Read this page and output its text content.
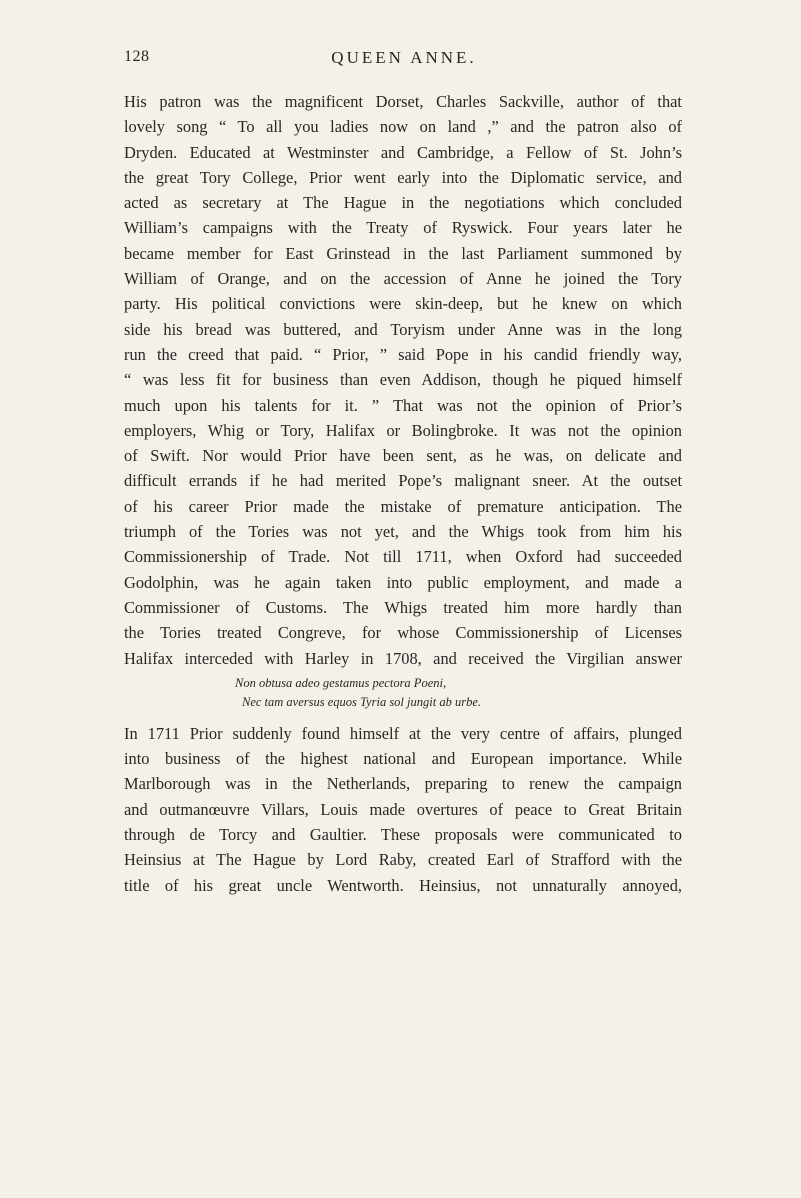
128	QUEEN ANNE.
His patron was the magnificent Dorset, Charles Sackville, author of that
lovely song “ To all you ladies now on land ,” and the patron also of
Dryden. Educated at Westminster and Cambridge, a Fellow of St. John’s
the great Tory College, Prior went early into the Diplomatic service, and
acted as secretary at The Hague in the negotiations which concluded
William’s campaigns with the Treaty of Ryswick. Four years later he
became member for East Grinstead in the last Parliament summoned by
William of Orange, and on the accession of Anne he joined the Tory
party. His political convictions were skin-deep, but he knew on which
side his bread was buttered, and Toryism under Anne was in the long
run the creed that paid. “ Prior, ” said Pope in his candid friendly way,
“ was less fit for business than even Addison, though he piqued himself
much upon his talents for it. ” That was not the opinion of Prior’s
employers, Whig or Tory, Halifax or Bolingbroke. It was not the opinion
of Swift. Nor would Prior have been sent, as he was, on delicate and
difficult errands if he had merited Pope’s malignant sneer. At the outset
of his career Prior made the mistake of premature anticipation. The
triumph of the Tories was not yet, and the Whigs took from him his
Commissionership of Trade. Not till 1711, when Oxford had succeeded
Godolphin, was he again taken into public employment, and made a
Commissioner of Customs. The Whigs treated him more hardly than
the Tories treated Congreve, for whose Commissionership of Licenses
Halifax interceded with Harley in 1708, and received the Virgilian answer
Non obtusa adeo gestamus pectora Poeni,
Nec tam aversus equos Tyria sol jungit ab urbe.
In 1711 Prior suddenly found himself at the very centre of affairs, plunged
into business of the highest national and European importance. While
Marlborough was in the Netherlands, preparing to renew the campaign
and outmanœuvre Villars, Louis made overtures of peace to Great Britain
through de Torcy and Gaultier. These proposals were communicated to
Heinsius at The Hague by Lord Raby, created Earl of Strafford with the
title of his great uncle Wentworth. Heinsius, not unnaturally annoyed,
